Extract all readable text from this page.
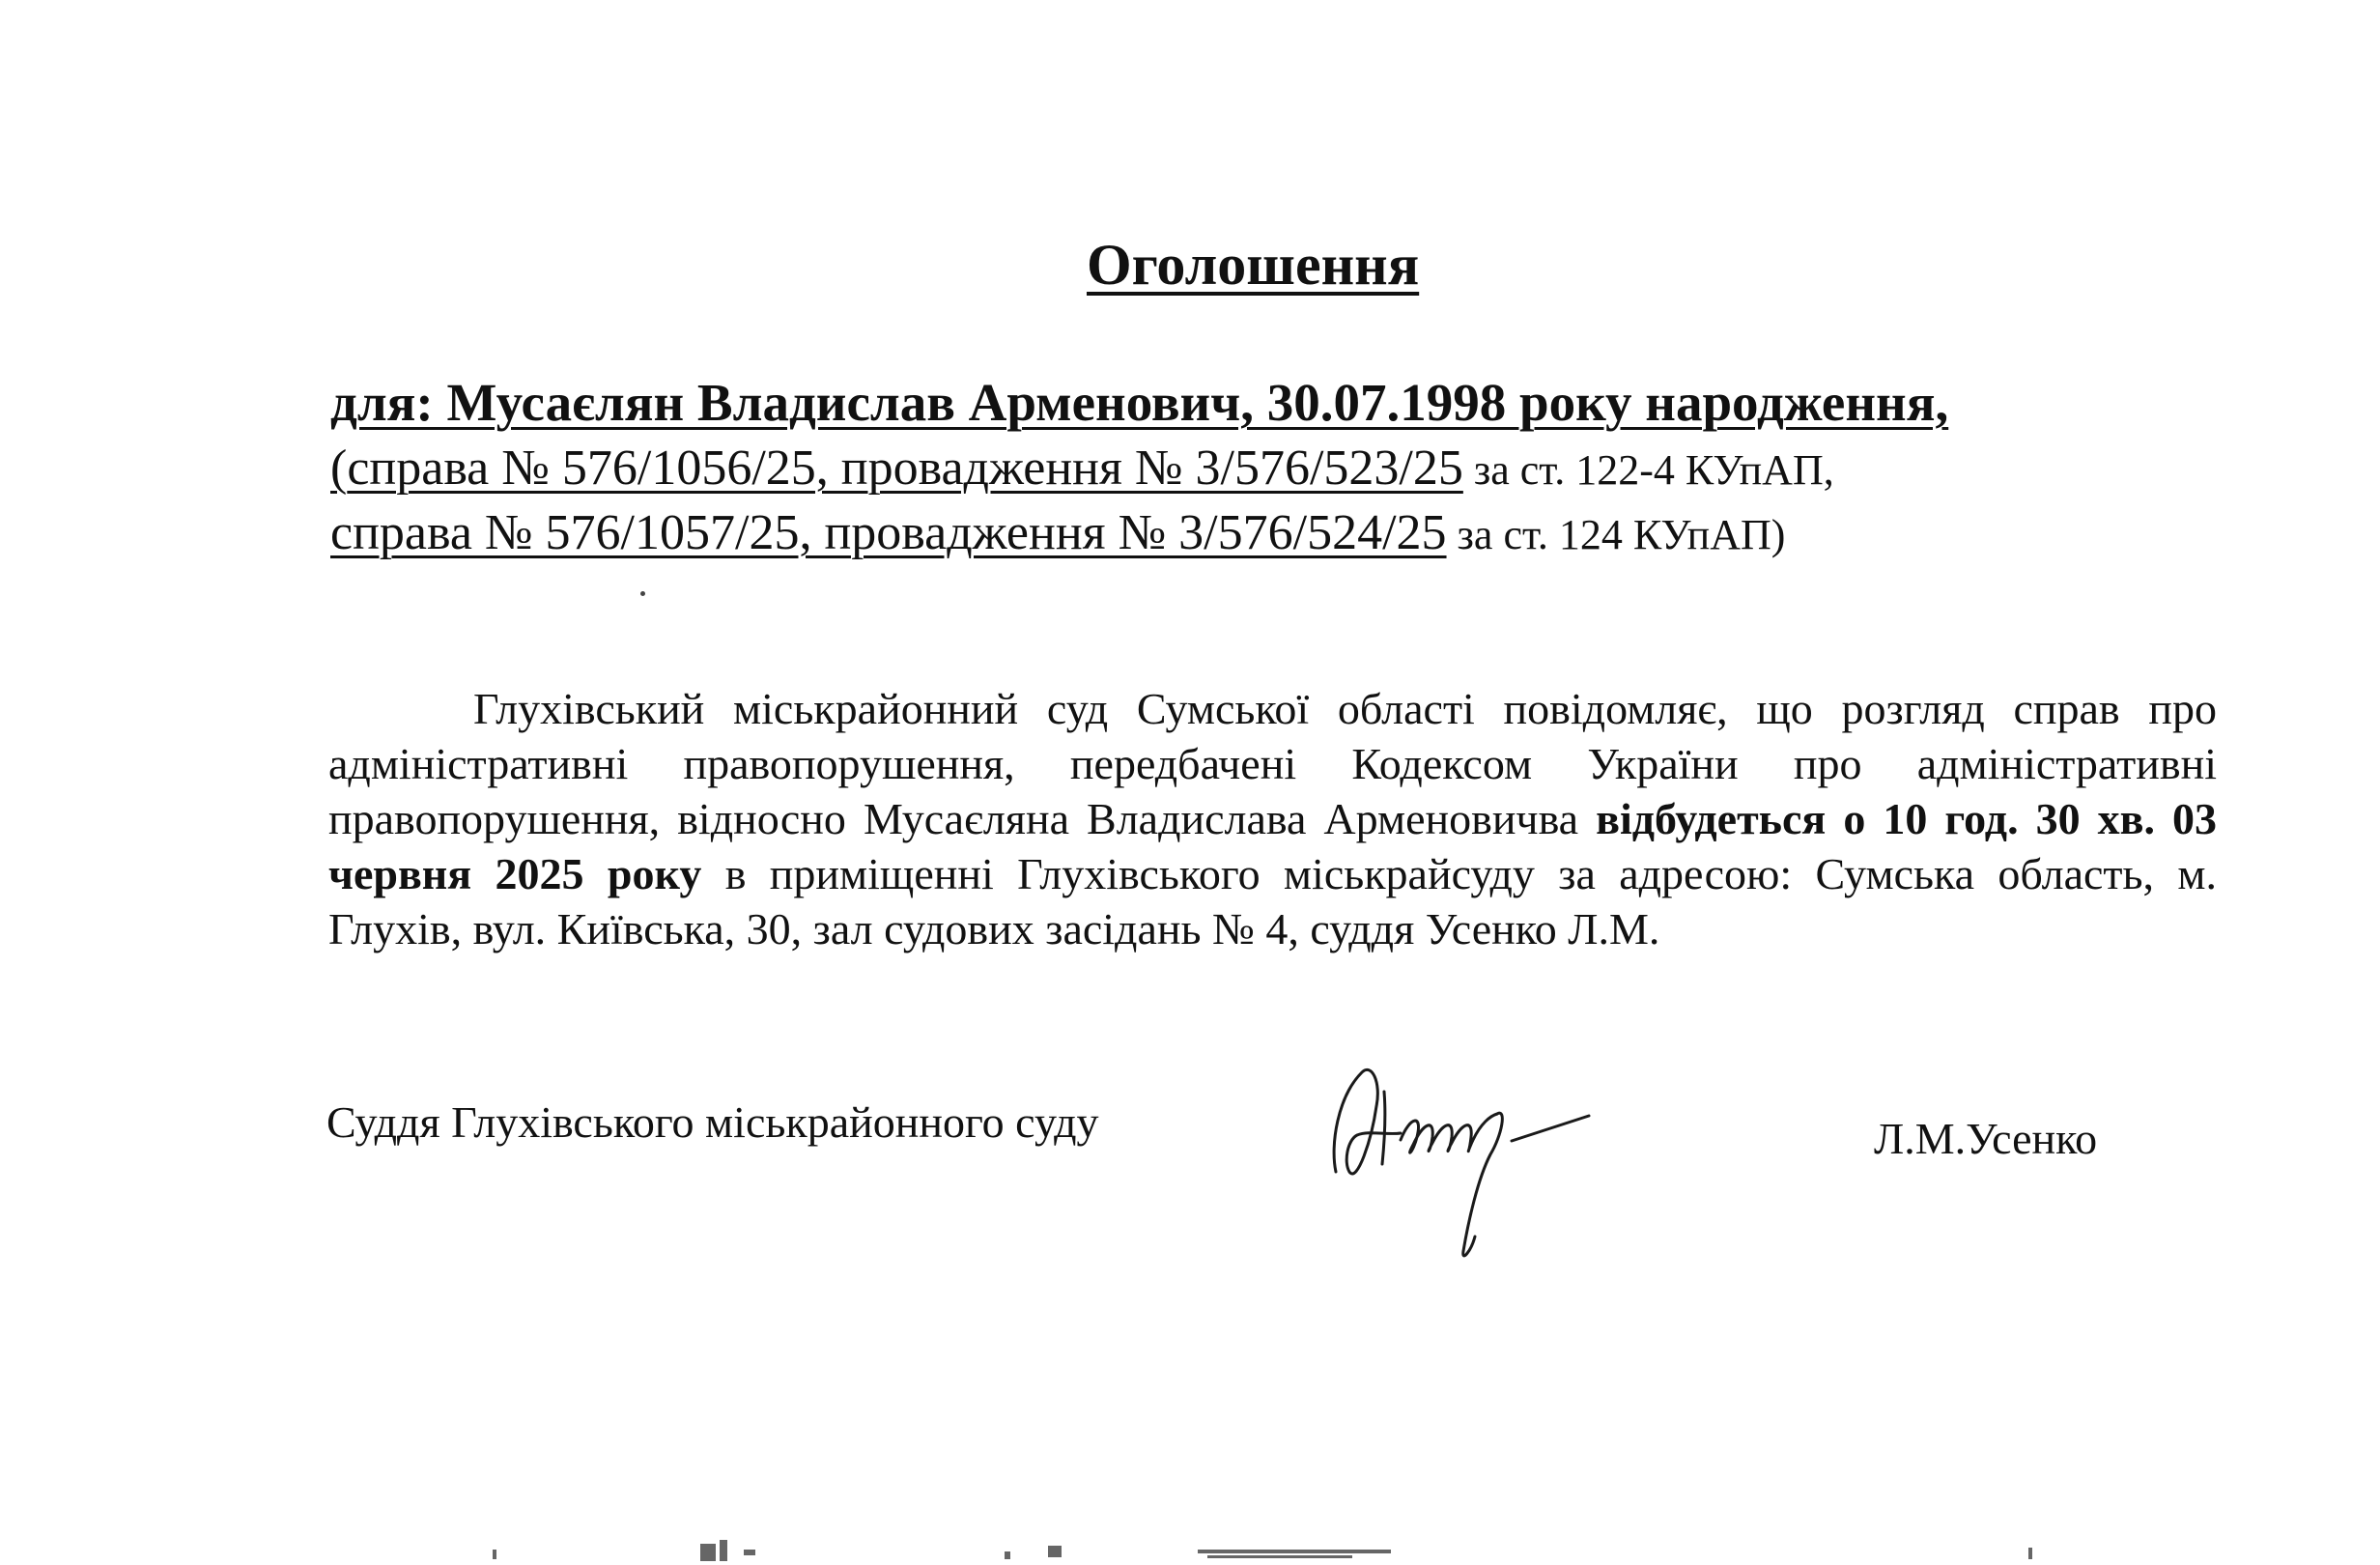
Оголошення
для: Мусаєлян Владислав Арменович, 30.07.1998 року народження,
(справа № 576/1056/25, провадження № 3/576/523/25 за ст. 122-4 КУпАП,
справа № 576/1057/25, провадження № 3/576/524/25 за ст. 124 КУпАП)

Глухівський міськрайонний суд Сумської області повідомляє, що розгляд справ про адміністративні правопорушення, передбачені Кодексом України про адміністративні правопорушення, відносно Мусаєляна Владислава Арменовичва відбудеться о 10 год. 30 хв. 03 червня 2025 року в приміщенні Глухівського міськрайсуду за адресою: Сумська область, м. Глухів, вул. Київська, 30, зал судових засідань № 4, суддя Усенко Л.М.

Суддя Глухівського міськрайонного суду	Л.М.Усенко
